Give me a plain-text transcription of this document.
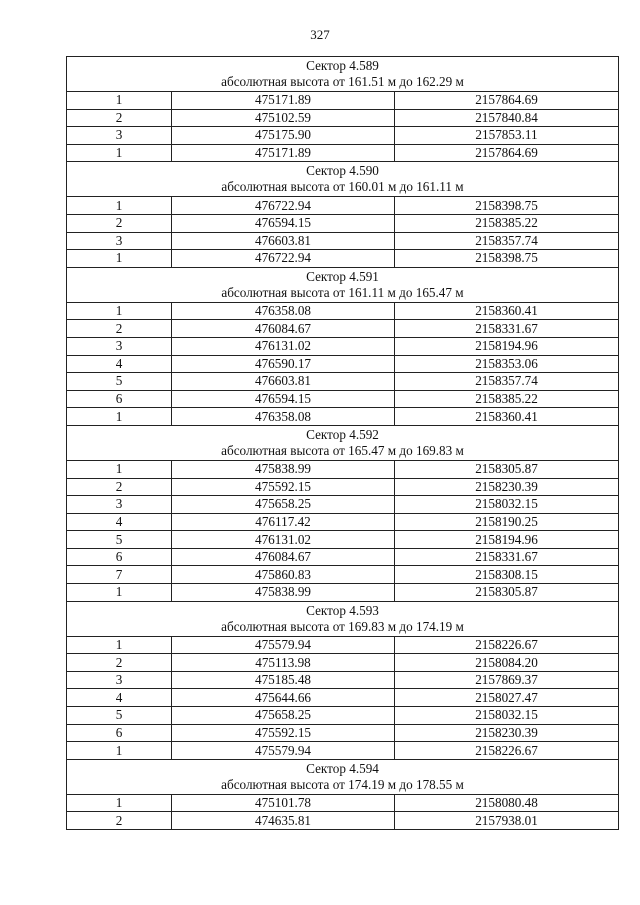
327
Сектор 4.589
абсолютная высота от 161.51 м до 162.29 м		

1	475171.89	2157864.69
2	475102.59	2157840.84
3	475175.90	2157853.11
1	475171.89	2157864.69

Сектор 4.590
абсолютная высота от 160.01 м до 161.11 м		

1	476722.94	2158398.75
2	476594.15	2158385.22
3	476603.81	2158357.74
1	476722.94	2158398.75

Сектор 4.591
абсолютная высота от 161.11 м до 165.47 м		

1	476358.08	2158360.41
2	476084.67	2158331.67
3	476131.02	2158194.96
4	476590.17	2158353.06
5	476603.81	2158357.74
6	476594.15	2158385.22
1	476358.08	2158360.41

Сектор 4.592
абсолютная высота от 165.47 м до 169.83 м		

1	475838.99	2158305.87
2	475592.15	2158230.39
3	475658.25	2158032.15
4	476117.42	2158190.25
5	476131.02	2158194.96
6	476084.67	2158331.67
7	475860.83	2158308.15
1	475838.99	2158305.87

Сектор 4.593
абсолютная высота от 169.83 м до 174.19 м		

1	475579.94	2158226.67
2	475113.98	2158084.20
3	475185.48	2157869.37
4	475644.66	2158027.47
5	475658.25	2158032.15
6	475592.15	2158230.39
1	475579.94	2158226.67

Сектор 4.594
абсолютная высота от 174.19 м до 178.55 м		

1	475101.78	2158080.48
2	474635.81	2157938.01
